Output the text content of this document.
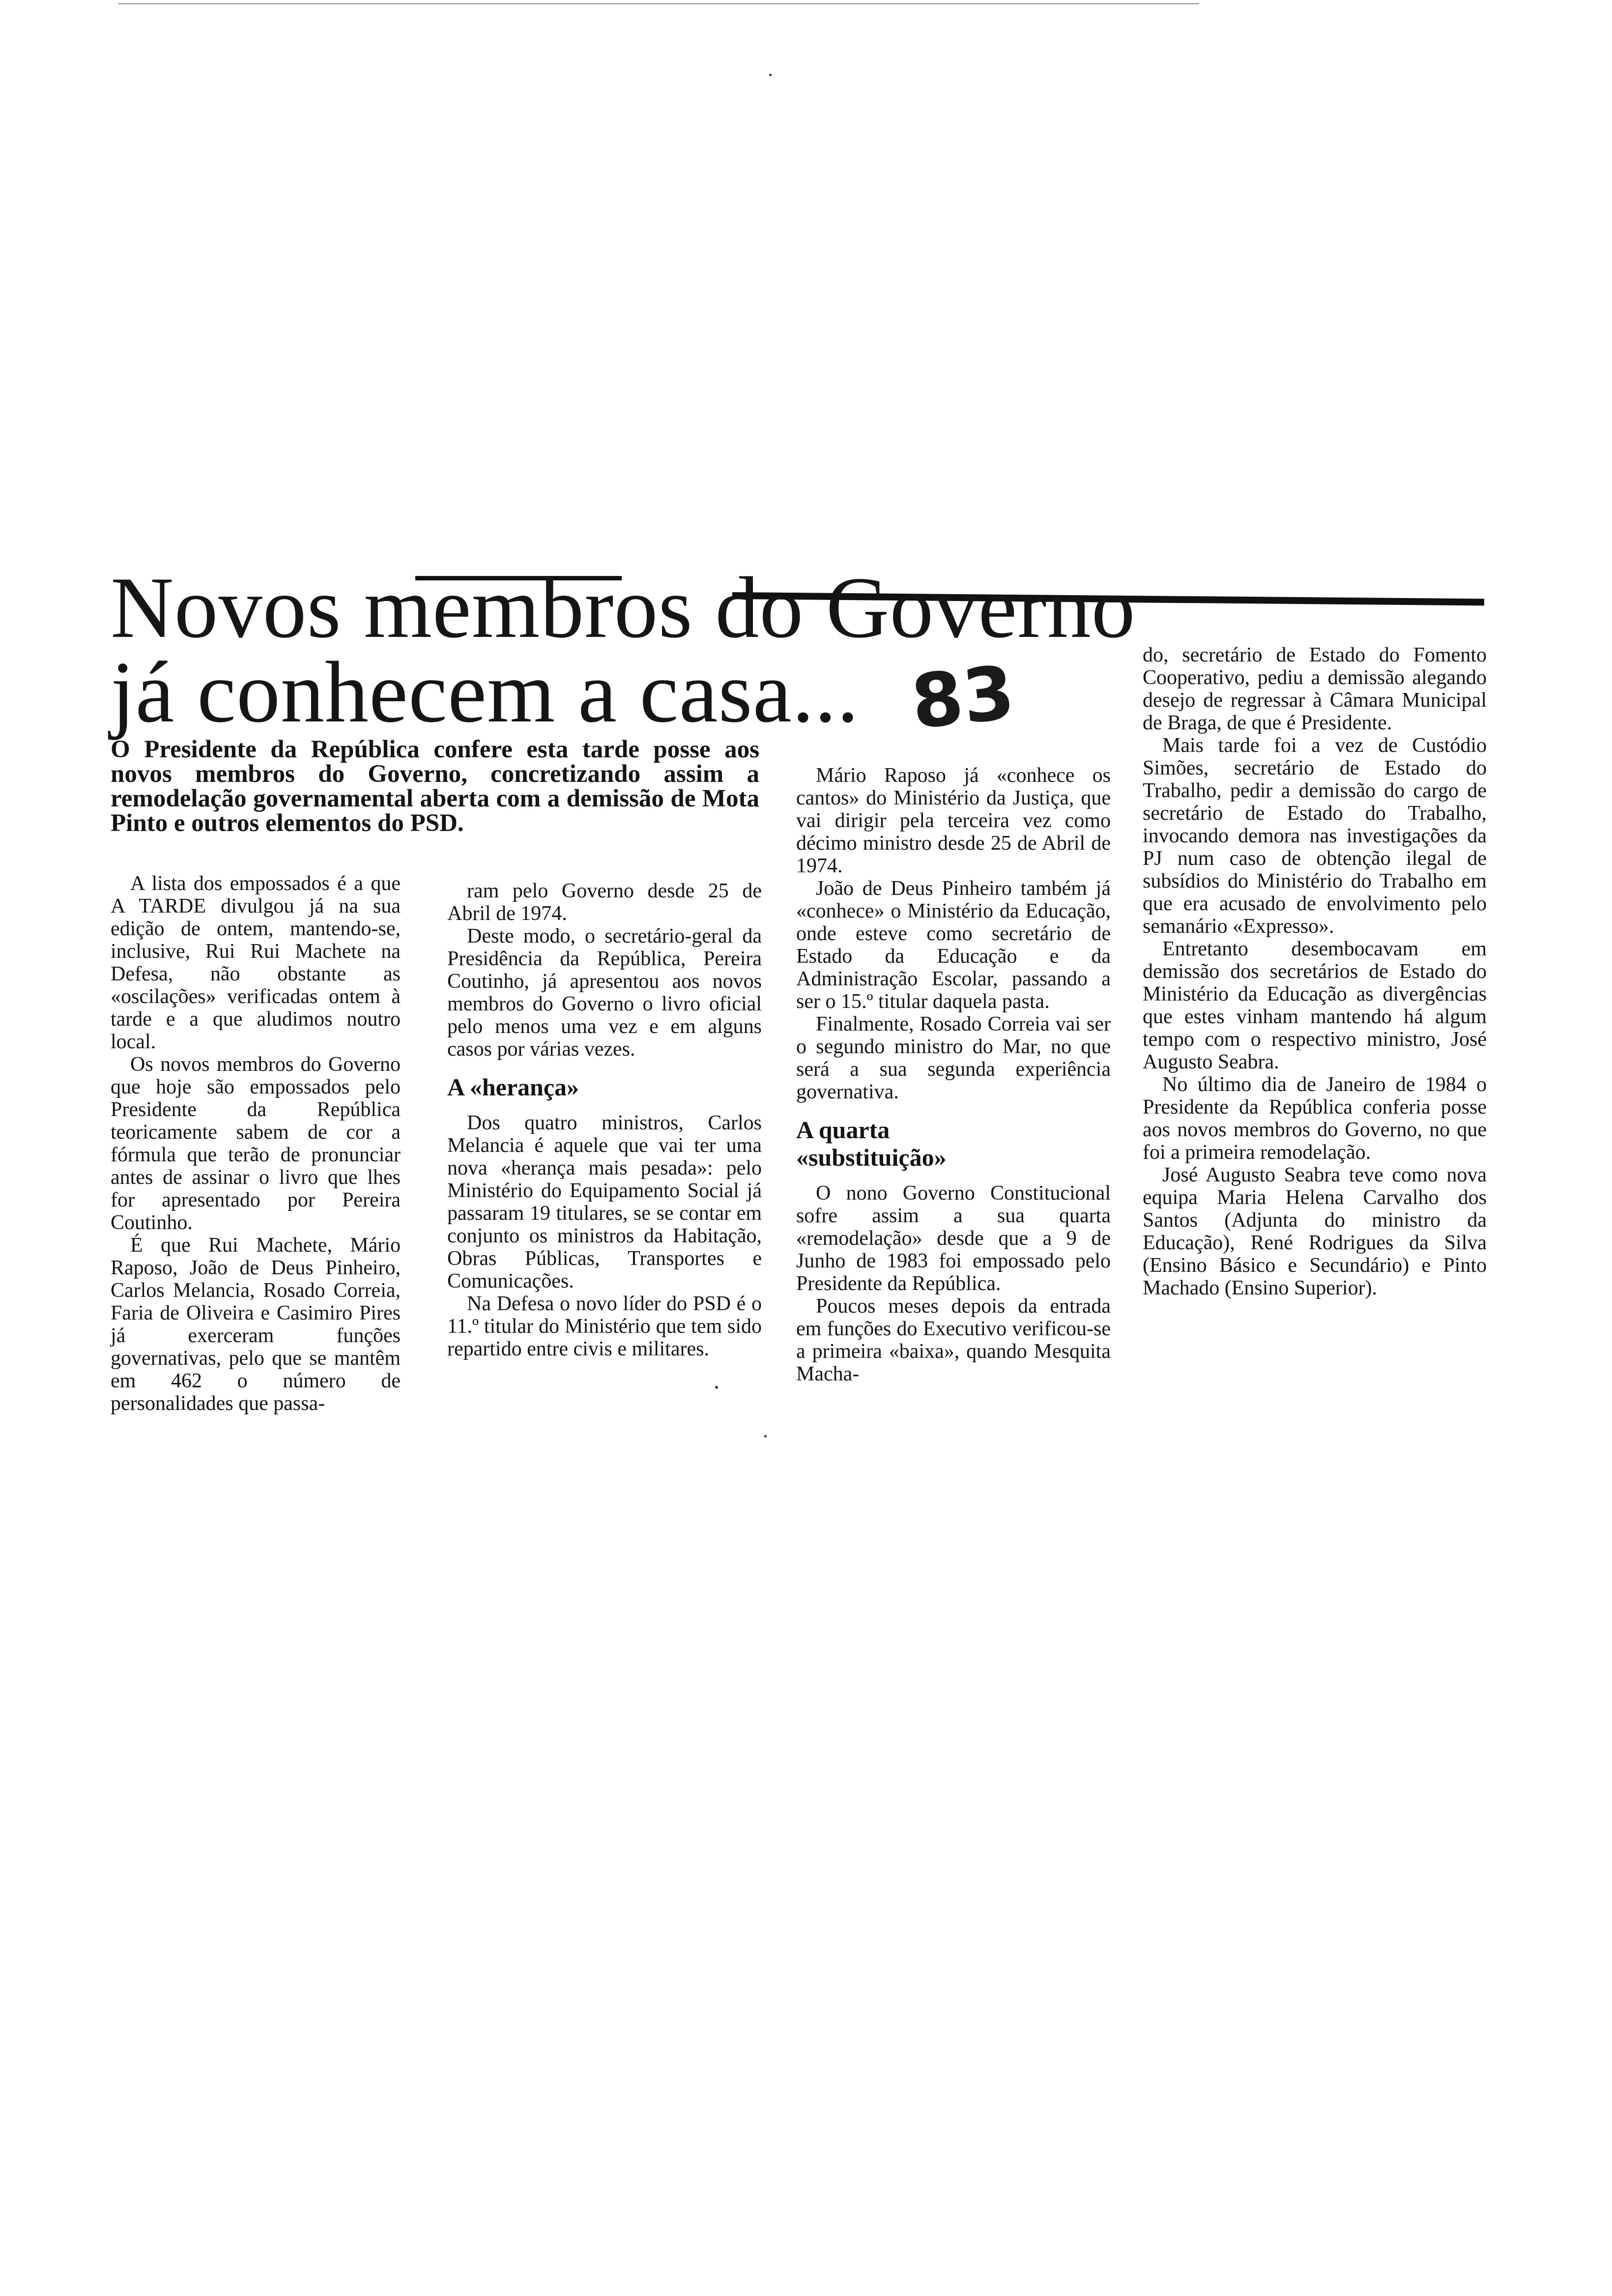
Novos membros do Governo já conhecem a casa... 83

O Presidente da República confere esta tarde posse aos novos membros do Governo, concretizando assim a remodelação governamental aberta com a demissão de Mota Pinto e outros elementos do PSD.

A lista dos empossados é a que A TARDE divulgou já na sua edição de ontem, mantendo-se, inclusive, Rui Rui Machete na Defesa, não obstante as «oscilações» verificadas ontem à tarde e a que aludimos noutro local.

Os novos membros do Governo que hoje são empossados pelo Presidente da República teoricamente sabem de cor a fórmula que terão de pronunciar antes de assinar o livro que lhes for apresentado por Pereira Coutinho.

É que Rui Machete, Mário Raposo, João de Deus Pinheiro, Carlos Melancia, Rosado Correia, Faria de Oliveira e Casimiro Pires já exerceram funções governativas, pelo que se mantêm em 462 o número de personalidades que passa-

ram pelo Governo desde 25 de Abril de 1974.

Deste modo, o secretário-geral da Presidência da República, Pereira Coutinho, já apresentou aos novos membros do Governo o livro oficial pelo menos uma vez e em alguns casos por várias vezes.

A «herança»

Dos quatro ministros, Carlos Melancia é aquele que vai ter uma nova «herança mais pesada»: pelo Ministério do Equipamento Social já passaram 19 titulares, se se contar em conjunto os ministros da Habitação, Obras Públicas, Transportes e Comunicações.

Na Defesa o novo líder do PSD é o 11.º titular do Ministério que tem sido repartido entre civis e militares.

Mário Raposo já «conhece os cantos» do Ministério da Justiça, que vai dirigir pela terceira vez como décimo ministro desde 25 de Abril de 1974.

João de Deus Pinheiro também já «conhece» o Ministério da Educação, onde esteve como secretário de Estado da Educação e da Administração Escolar, passando a ser o 15.º titular daquela pasta.

Finalmente, Rosado Correia vai ser o segundo ministro do Mar, no que será a sua segunda experiência governativa.

A quarta «substituição»

O nono Governo Constitucional sofre assim a sua quarta «remodelação» desde que a 9 de Junho de 1983 foi empossado pelo Presidente da República.

Poucos meses depois da entrada em funções do Executivo verificou-se a primeira «baixa», quando Mesquita Macha-

do, secretário de Estado do Fomento Cooperativo, pediu a demissão alegando desejo de regressar à Câmara Municipal de Braga, de que é Presidente.

Mais tarde foi a vez de Custódio Simões, secretário de Estado do Trabalho, pedir a demissão do cargo de secretário de Estado do Trabalho, invocando demora nas investigações da PJ num caso de obtenção ilegal de subsídios do Ministério do Trabalho em que era acusado de envolvimento pelo semanário «Expresso».

Entretanto desembocavam em demissão dos secretários de Estado do Ministério da Educação as divergências que estes vinham mantendo há algum tempo com o respectivo ministro, José Augusto Seabra.

No último dia de Janeiro de 1984 o Presidente da República conferia posse aos novos membros do Governo, no que foi a primeira remodelação.

José Augusto Seabra teve como nova equipa Maria Helena Carvalho dos Santos (Adjunta do ministro da Educação), René Rodrigues da Silva (Ensino Básico e Secundário) e Pinto Machado (Ensino Superior).
